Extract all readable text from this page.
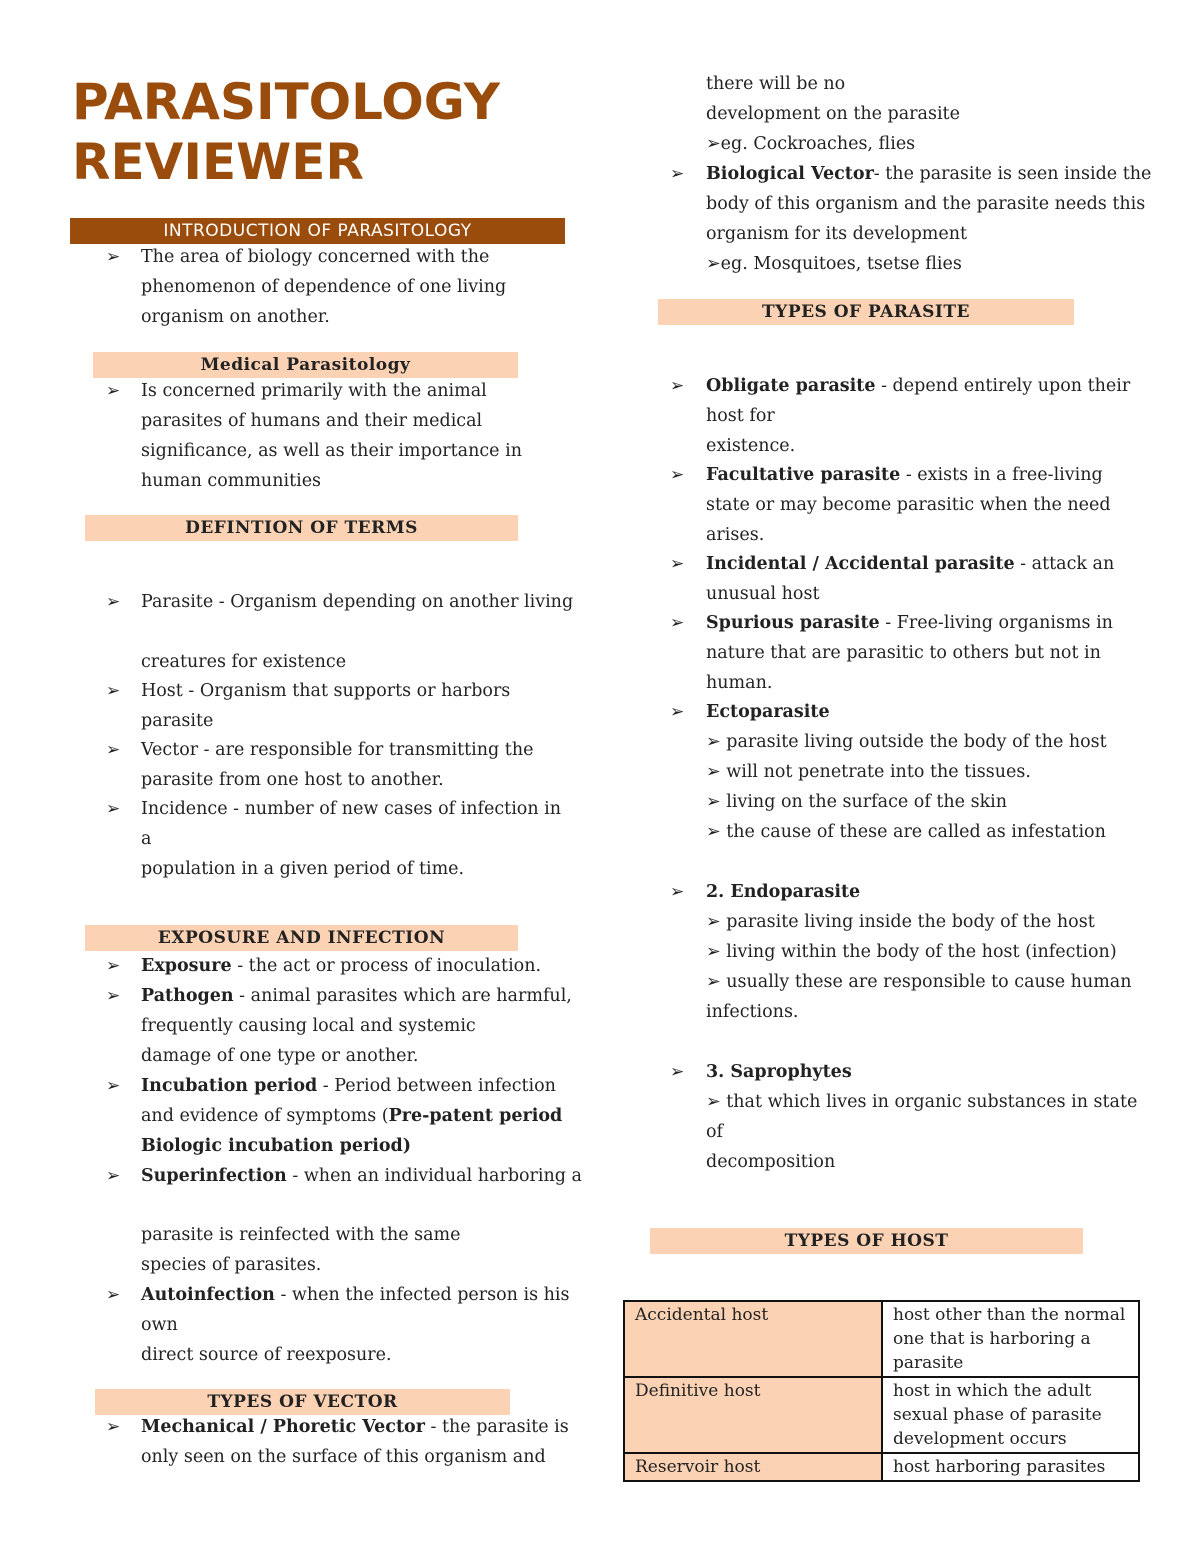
PARASITOLOGY
REVIEWER
INTRODUCTION OF PARASITOLOGY
➢ The area of biology concerned with the
phenomenon of dependence of one living
organism on another.
Medical Parasitology
➢ Is concerned primarily with the animal
parasites of humans and their medical
significance, as well as their importance in
human communities
DEFINTION OF TERMS
➢ Parasite - Organism depending on another living
creatures for existence
➢ Host - Organism that supports or harbors
parasite
➢ Vector - are responsible for transmitting the
parasite from one host to another.
➢ Incidence - number of new cases of infection in
a
population in a given period of time.
EXPOSURE AND INFECTION
➢ Exposure - the act or process of inoculation.
➢ Pathogen - animal parasites which are harmful,
frequently causing local and systemic
damage of one type or another.
➢ Incubation period - Period between infection
and evidence of symptoms (Pre-patent period
Biologic incubation period)
➢ Superinfection - when an individual harboring a
parasite is reinfected with the same
species of parasites.
➢ Autoinfection - when the infected person is his
own
direct source of reexposure.
TYPES OF VECTOR
➢ Mechanical / Phoretic Vector - the parasite is
only seen on the surface of this organism and
there will be no
development on the parasite
➢eg. Cockroaches, flies
➢ Biological Vector- the parasite is seen inside the
body of this organism and the parasite needs this
organism for its development
➢eg. Mosquitoes, tsetse flies
TYPES OF PARASITE
➢ Obligate parasite - depend entirely upon their
host for
existence.
➢ Facultative parasite - exists in a free-living
state or may become parasitic when the need
arises.
➢ Incidental / Accidental parasite - attack an
unusual host
➢ Spurious parasite - Free-living organisms in
nature that are parasitic to others but not in
human.
➢ Ectoparasite
➢ parasite living outside the body of the host
➢ will not penetrate into the tissues.
➢ living on the surface of the skin
➢ the cause of these are called as infestation
➢ 2. Endoparasite
➢ parasite living inside the body of the host
➢ living within the body of the host (infection)
➢ usually these are responsible to cause human
infections.
➢ 3. Saprophytes
➢ that which lives in organic substances in state
of
decomposition
TYPES OF HOST
Accidental host	host other than the normal one that is harboring a parasite
Definitive host	host in which the adult sexual phase of parasite development occurs
Reservoir host	host harboring parasites
